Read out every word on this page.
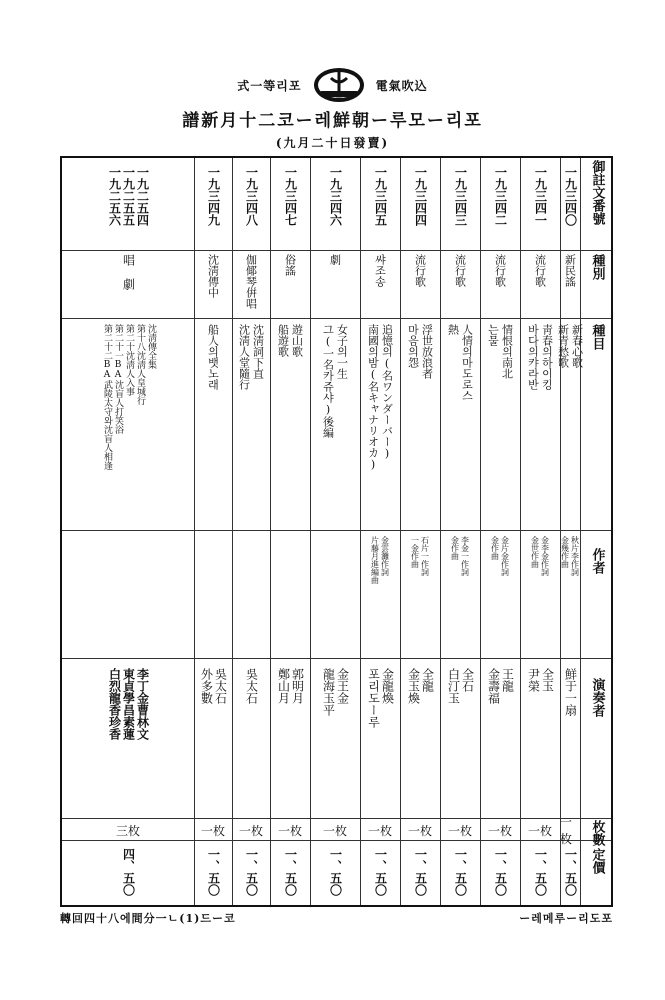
式一等리포	電氣吹込
譜新月十二코ー레鮮朝ー루모ー리포
(九月二十日發賣)
御註文番號
種別
種目
作者
演奏者
枚數
定價
一九三四〇
新民謠
新春心歌
新青愁歌
秋片李作詞
金幾作曲
鮮于一扇
一枚
一、五〇
一九三四一
流行歌
靑春의하이킹
바다의캬라반
金李金作詞
金世作曲
全玉
尹榮
一枚
一、五〇
一九三四二
流行歌
情恨의南北
는물
金片金作詞
金作曲
王龍
金壽福
一枚
一、五〇
一九三四三
流行歌
人情의마도로스
熱
李金一作詞
金作曲
全石
白汀玉
一枚
一、五〇
一九三四四
流行歌
浮世放浪者
마음의怨
石片一作詞
一金作曲
全龍
金玉煥
一枚
一、五〇
一九三四五
쌰조송
追憶의(名ワンダーバー)
南國의밤(名キャナリオカ)
金雲灘作詞
片藤月進編曲
金龍煥
포리도ー루
一枚
一、五〇
一九三四六
劇
女子의一生
그(一名카쥬샤)後編
金王金
龍海玉平
一枚
一、五〇
一九三四七
俗謠
遊山歌
船遊歌
郭明月
鄭山月
一枚
一、五〇
一九三四八
伽倻琴倂唱
沈淸詞下直
沈淸人堂隨行
吳太石
一枚
一、五〇
一九三四九
沈淸傳中
船人의뱃노래
吳太石
外多數
一枚
一、五〇
一九二五四
一九二五五
一九二五六
唱劇
沈淸傳全集
第十八沈淸人皇城行
第二十沈淸人入事
第二十一BA沈盲人打笑浴
第二十二BA武陵太守와沈盲人相逢
李丁金曹林文
東貞學昌素蓮
白烈龍香珍香
三枚
四、五〇
轉回四十八에間分一ㄴ(1)드ー코	ー레메루ー리도포
